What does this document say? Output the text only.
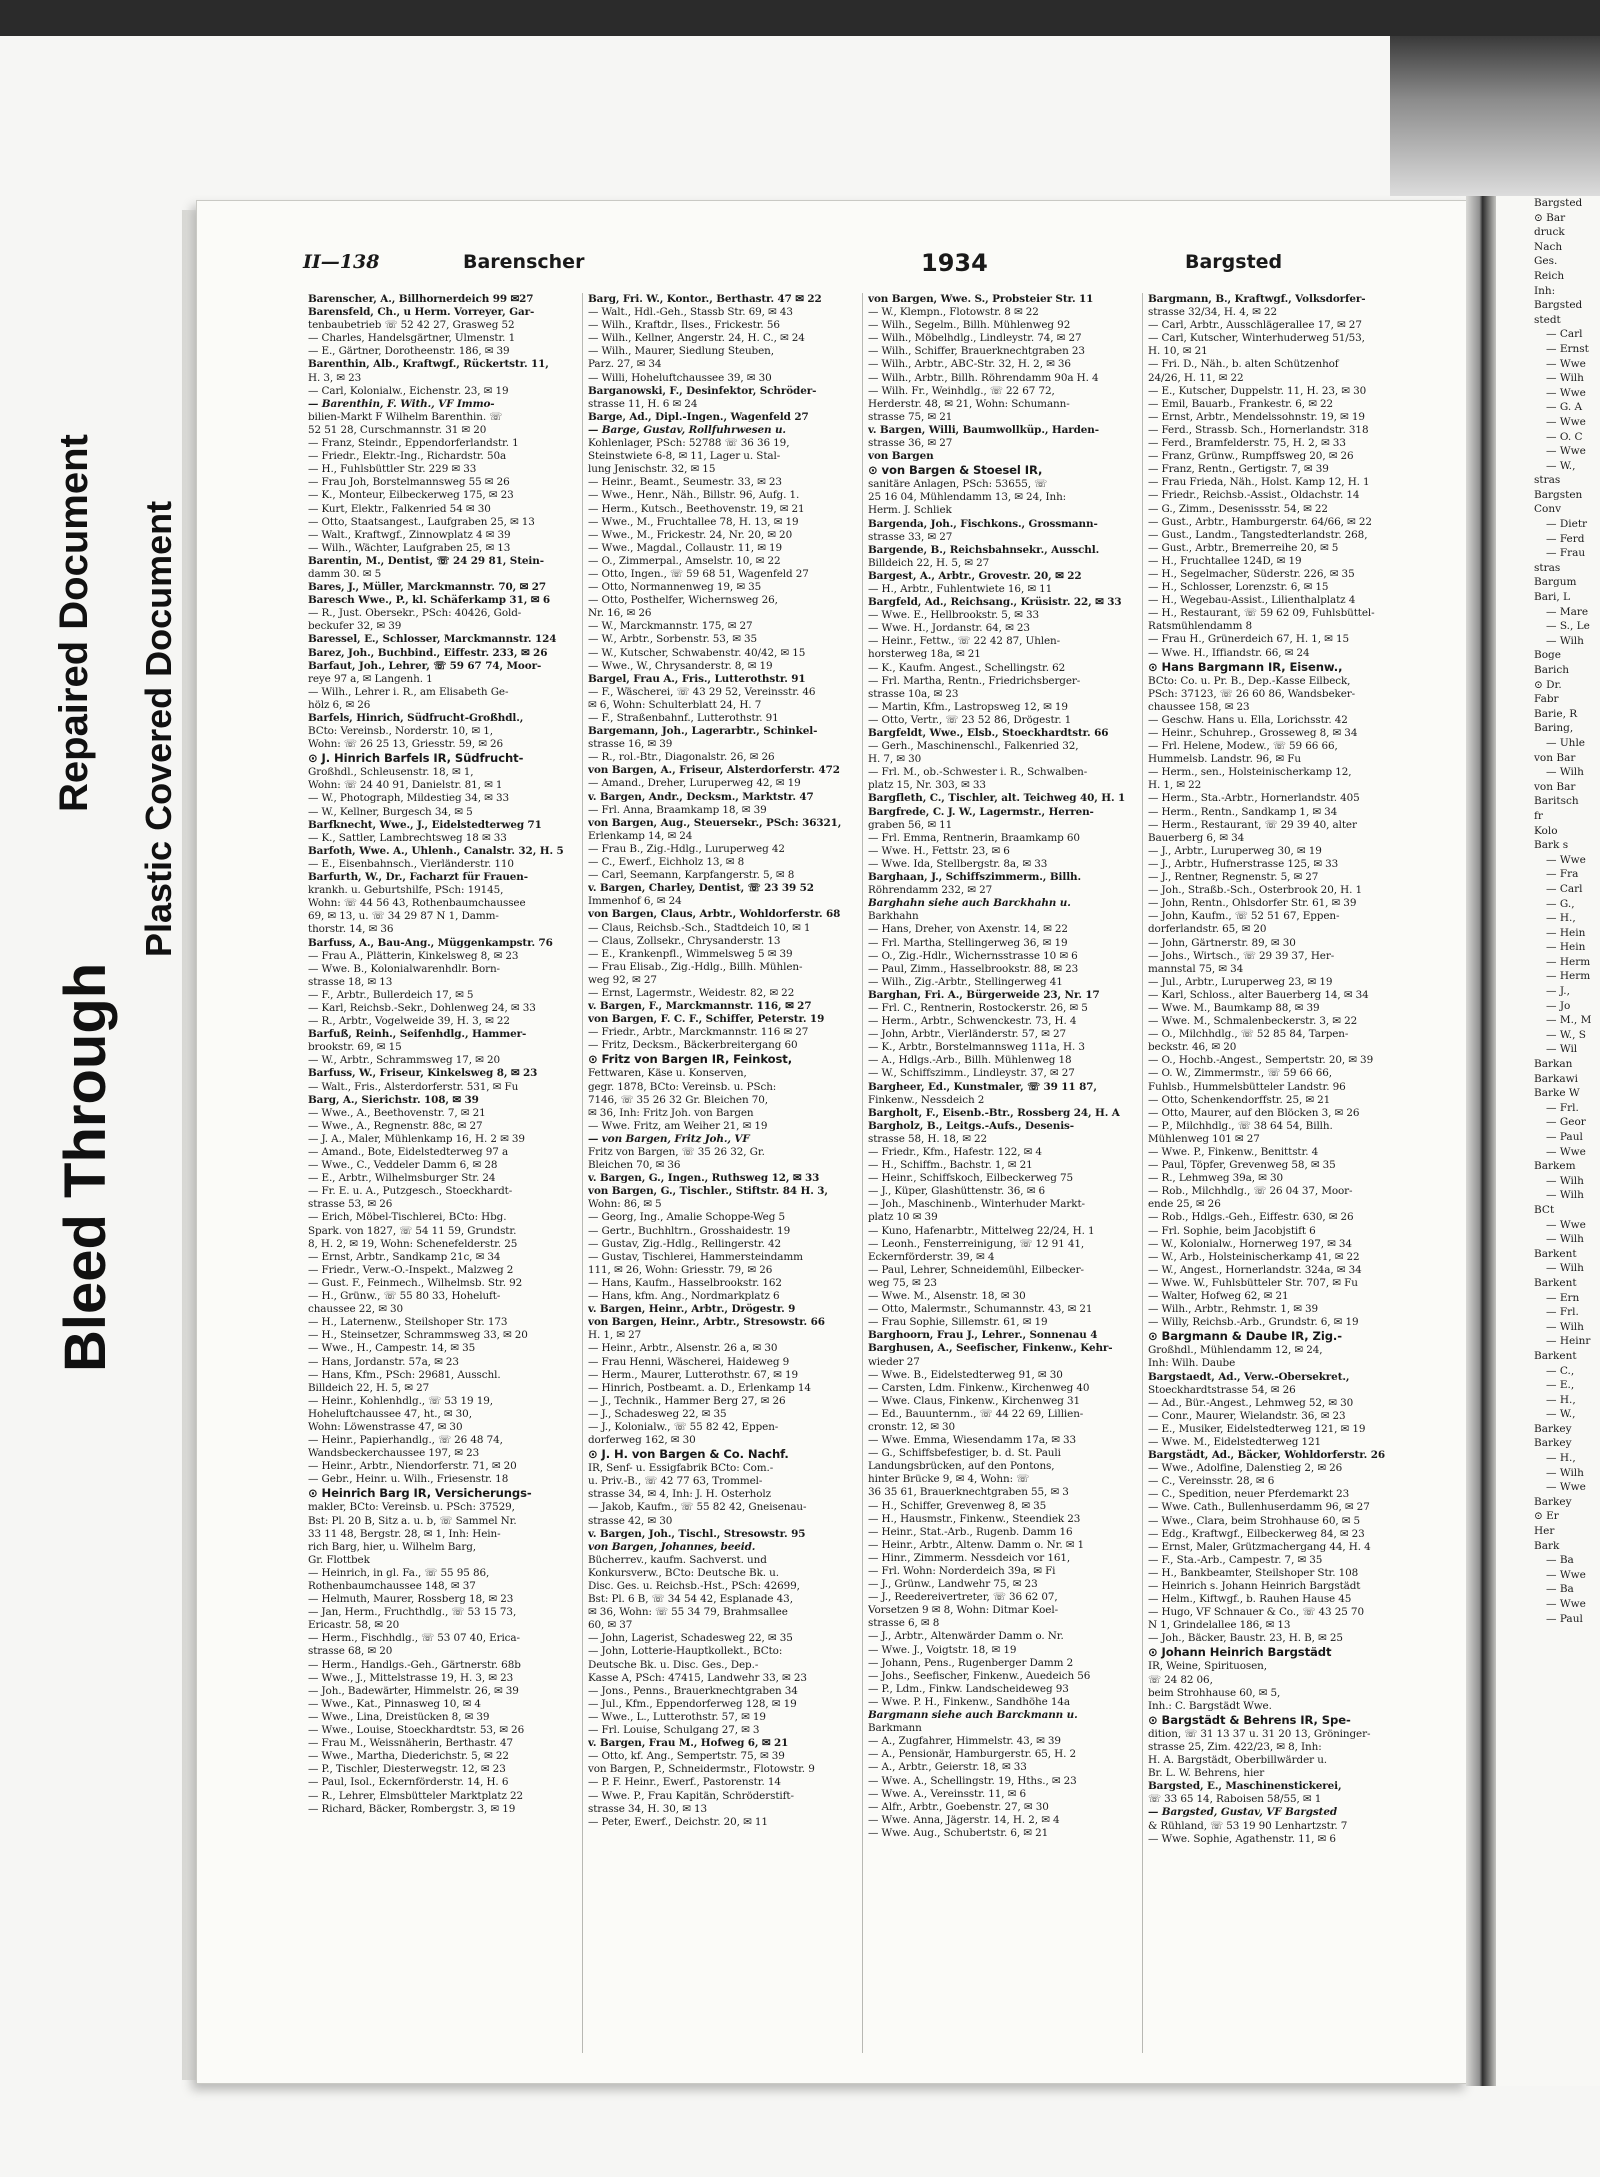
Bleed Through
Repaired Document Plastic Covered Document
II—138	Barenscher	1934	Bargsted
Barenscher, A., Billhornerdeich 99 ✉27
Barensfeld, Ch., u Herm. Vorreyer, Gar-
tenbaubetrieb ☏ 52 42 27, Grasweg 52
— Charles, Handelsgärtner, Ulmenstr. 1
— E., Gärtner, Dorotheenstr. 186, ✉ 39
Barenthin, Alb., Kraftwgf., Rückertstr. 11,
H. 3, ✉ 23
— Carl, Kolonialw., Eichenstr. 23, ✉ 19
— Barenthin, F. With., VF Immo-
bilien-Markt F Wilhelm Barenthin. ☏
52 51 28, Curschmannstr. 31 ✉ 20
— Franz, Steindr., Eppendorferlandstr. 1
— Friedr., Elektr.-Ing., Richardstr. 50a
— H., Fuhlsbüttler Str. 229 ✉ 33
— Frau Joh, Borstelmannsweg 55 ✉ 26
— K., Monteur, Eilbeckerweg 175, ✉ 23
— Kurt, Elektr., Falkenried 54 ✉ 30
— Otto, Staatsangest., Laufgraben 25, ✉ 13
— Walt., Kraftwgf., Zinnowplatz 4 ✉ 39
— Wilh., Wächter, Laufgraben 25, ✉ 13
Barentin, M., Dentist, ☏ 24 29 81, Stein-
damm 30. ✉ 5
Bares, J., Müller, Marckmannstr. 70, ✉ 27
Baresch Wwe., P., kl. Schäferkamp 31, ✉ 6
— R., Just. Obersekr., PSch: 40426, Gold-
beckufer 32, ✉ 39
Baressel, E., Schlosser, Marckmannstr. 124
Barez, Joh., Buchbind., Eiffestr. 233, ✉ 26
Barfaut, Joh., Lehrer, ☏ 59 67 74, Moor-
reye 97 a, ✉ Langenh. 1
— Wilh., Lehrer i. R., am Elisabeth Ge-
hölz 6, ✉ 26
Barfels, Hinrich, Südfrucht-Großhdl.,
BCto: Vereinsb., Norderstr. 10, ✉ 1,
Wohn: ☏ 26 25 13, Griesstr. 59, ✉ 26
⊙ J. Hinrich Barfels IR, Südfrucht-
Großhdl., Schleusenstr. 18, ✉ 1,
Wohn: ☏ 24 40 91, Danielstr. 81, ✉ 1
— W., Photograph, Mildestieg 34, ✉ 33
— W., Kellner, Burgesch 34, ✉ 5
Barfknecht, Wwe., J., Eidelstedterweg 71
— K., Sattler, Lambrechtsweg 18 ✉ 33
Barfoth, Wwe. A., Uhlenh., Canalstr. 32, H. 5
— E., Eisenbahnsch., Vierländerstr. 110
Barfurth, W., Dr., Facharzt für Frauen-
krankh. u. Geburtshilfe, PSch: 19145,
Wohn: ☏ 44 56 43, Rothenbaumchaussee
69, ✉ 13, u. ☏ 34 29 87 N 1, Damm-
thorstr. 14, ✉ 36
Barfuss, A., Bau-Ang., Müggenkampstr. 76
— Frau A., Plätterin, Kinkelsweg 8, ✉ 23
— Wwe. B., Kolonialwarenhdlr. Born-
strasse 18, ✉ 13
— F., Arbtr., Bullerdeich 17, ✉ 5
— Karl, Reichsb.-Sekr., Dohlenweg 24, ✉ 33
— R., Arbtr., Vogelweide 39, H. 3, ✉ 22
Barfuß, Reinh., Seifenhdlg., Hammer-
brookstr. 69, ✉ 15
— W., Arbtr., Schrammsweg 17, ✉ 20
Barfuss, W., Friseur, Kinkelsweg 8, ✉ 23
— Walt., Fris., Alsterdorferstr. 531, ✉ Fu
Barg, A., Sierichstr. 108, ✉ 39
— Wwe., A., Beethovenstr. 7, ✉ 21
— Wwe., A., Regnenstr. 88c, ✉ 27
— J. A., Maler, Mühlenkamp 16, H. 2 ✉ 39
— Amand., Bote, Eidelstedterweg 97 a
— Wwe., C., Veddeler Damm 6, ✉ 28
— E., Arbtr., Wilhelmsburger Str. 24
— Fr. E. u. A., Putzgesch., Stoeckhardt-
strasse 53, ✉ 26
— Erich, Möbel-Tischlerei, BCto: Hbg.
Spark. von 1827, ☏ 54 11 59, Grundstr.
8, H. 2, ✉ 19, Wohn: Schenefelderstr. 25
— Ernst, Arbtr., Sandkamp 21c, ✉ 34
— Friedr., Verw.-O.-Inspekt., Malzweg 2
— Gust. F., Feinmech., Wilhelmsb. Str. 92
— H., Grünw., ☏ 55 80 33, Hoheluft-
chaussee 22, ✉ 30
— H., Laternenw., Steilshoper Str. 173
— H., Steinsetzer, Schrammsweg 33, ✉ 20
— Wwe., H., Campestr. 14, ✉ 35
— Hans, Jordanstr. 57a, ✉ 23
— Hans, Kfm., PSch: 29681, Ausschl.
Billdeich 22, H. 5, ✉ 27
— Heinr., Kohlenhdlg., ☏ 53 19 19,
Hoheluftchaussee 47, ht., ✉ 30,
Wohn: Löwenstrasse 47, ✉ 30
— Heinr., Papierhandlg., ☏ 26 48 74,
Wandsbeckerchaussee 197, ✉ 23
— Heinr., Arbtr., Niendorferstr. 71, ✉ 20
— Gebr., Heinr. u. Wilh., Friesenstr. 18
⊙ Heinrich Barg IR, Versicherungs-
makler, BCto: Vereinsb. u. PSch: 37529,
Bst: Pl. 20 B, Sitz a. u. b, ☏ Sammel Nr.
33 11 48, Bergstr. 28, ✉ 1, Inh: Hein-
rich Barg, hier, u. Wilhelm Barg,
Gr. Flottbek
— Heinrich, in gl. Fa., ☏ 55 95 86,
Rothenbaumchaussee 148, ✉ 37
— Helmuth, Maurer, Rossberg 18, ✉ 23
— Jan, Herm., Fruchthdlg., ☏ 53 15 73,
Ericastr. 58, ✉ 20
— Herm., Fischhdlg., ☏ 53 07 40, Erica-
strasse 68, ✉ 20
— Herm., Handlgs.-Geh., Gärtnerstr. 68b
— Wwe., J., Mittelstrasse 19, H. 3, ✉ 23
— Joh., Badewärter, Himmelstr. 26, ✉ 39
— Wwe., Kat., Pinnasweg 10, ✉ 4
— Wwe., Lina, Dreistücken 8, ✉ 39
— Wwe., Louise, Stoeckhardtstr. 53, ✉ 26
— Frau M., Weissnäherin, Berthastr. 47
— Wwe., Martha, Diederichstr. 5, ✉ 22
— P., Tischler, Diesterwegstr. 12, ✉ 23
— Paul, Isol., Eckernförderstr. 14, H. 6
— R., Lehrer, Elmsbütteler Marktplatz 22
— Richard, Bäcker, Rombergstr. 3, ✉ 19
Barg, Fri. W., Kontor., Berthastr. 47 ✉ 22
— Walt., Hdl.-Geh., Stassb Str. 69, ✉ 43
— Wilh., Kraftdr., Ilses., Frickestr. 56
— Wilh., Kellner, Angerstr. 24, H. C., ✉ 24
— Wilh., Maurer, Siedlung Steuben,
Parz. 27, ✉ 34
— Willi, Hoheluftchaussee 39, ✉ 30
Barganowski, F., Desinfektor, Schröder-
strasse 11, H. 6 ✉ 24
Barge, Ad., Dipl.-Ingen., Wagenfeld 27
— Barge, Gustav, Rollfuhrwesen u.
Kohlenlager, PSch: 52788 ☏ 36 36 19,
Steinstwiete 6-8, ✉ 11, Lager u. Stal-
lung Jenischstr. 32, ✉ 15
— Heinr., Beamt., Seumestr. 33, ✉ 23
— Wwe., Henr., Näh., Billstr. 96, Aufg. 1.
— Herm., Kutsch., Beethovenstr. 19, ✉ 21
— Wwe., M., Fruchtallee 78, H. 13, ✉ 19
— Wwe., M., Frickestr. 24, Nr. 20, ✉ 20
— Wwe., Magdal., Collaustr. 11, ✉ 19
— O., Zimmerpal., Amselstr. 10, ✉ 22
— Otto, Ingen., ☏ 59 68 51, Wagenfeld 27
— Otto, Normannenweg 19, ✉ 35
— Otto, Posthelfer, Wichernsweg 26,
Nr. 16, ✉ 26
— W., Marckmannstr. 175, ✉ 27
— W., Arbtr., Sorbenstr. 53, ✉ 35
— W., Kutscher, Schwabenstr. 40/42, ✉ 15
— Wwe., W., Chrysanderstr. 8, ✉ 19
Bargel, Frau A., Fris., Lutterothstr. 91
— F., Wäscherei, ☏ 43 29 52, Vereinsstr. 46
✉ 6, Wohn: Schulterblatt 24, H. 7
— F., Straßenbahnf., Lutterothstr. 91
Bargemann, Joh., Lagerarbtr., Schinkel-
strasse 16, ✉ 39
— R., rol.-Btr., Diagonalstr. 26, ✉ 26
von Bargen, A., Friseur, Alsterdorferstr. 472
— Amand., Dreher, Luruperweg 42, ✉ 19
v. Bargen, Andr., Decksm., Marktstr. 47
— Frl. Anna, Braamkamp 18, ✉ 39
von Bargen, Aug., Steuersekr., PSch: 36321,
Erlenkamp 14, ✉ 24
— Frau B., Zig.-Hdlg., Luruperweg 42
— C., Ewerf., Eichholz 13, ✉ 8
— Carl, Seemann, Karpfangerstr. 5, ✉ 8
v. Bargen, Charley, Dentist, ☏ 23 39 52
Immenhof 6, ✉ 24
von Bargen, Claus, Arbtr., Wohldorferstr. 68
— Claus, Reichsb.-Sch., Stadtdeich 10, ✉ 1
— Claus, Zollsekr., Chrysanderstr. 13
— E., Krankenpfl., Wimmelsweg 5 ✉ 39
— Frau Elisab., Zig.-Hdlg., Billh. Mühlen-
weg 92, ✉ 27
— Ernst, Lagermstr., Weidestr. 82, ✉ 22
v. Bargen, F., Marckmannstr. 116, ✉ 27
von Bargen, F. C. F., Schiffer, Peterstr. 19
— Friedr., Arbtr., Marckmannstr. 116 ✉ 27
— Fritz, Decksm., Bäckerbreitergang 60
⊙ Fritz von Bargen IR, Feinkost,
Fettwaren, Käse u. Konserven,
gegr. 1878, BCto: Vereinsb. u. PSch:
7146, ☏ 35 26 32 Gr. Bleichen 70,
✉ 36, Inh: Fritz Joh. von Bargen
— Wwe. Fritz, am Weiher 21, ✉ 19
— von Bargen, Fritz Joh., VF
Fritz von Bargen, ☏ 35 26 32, Gr.
Bleichen 70, ✉ 36
v. Bargen, G., Ingen., Ruthsweg 12, ✉ 33
von Bargen, G., Tischler., Stiftstr. 84 H. 3,
Wohn: 86, ✉ 5
— Georg, Ing., Amalie Schoppe-Weg 5
— Gertr., Buchhltrn., Grosshaidestr. 19
— Gustav, Zig.-Hdlg., Rellingerstr. 42
— Gustav, Tischlerei, Hammersteindamm
111, ✉ 26, Wohn: Griesstr. 79, ✉ 26
— Hans, Kaufm., Hasselbrookstr. 162
— Hans, kfm. Ang., Nordmarkplatz 6
v. Bargen, Heinr., Arbtr., Drögestr. 9
von Bargen, Heinr., Arbtr., Stresowstr. 66
H. 1, ✉ 27
— Heinr., Arbtr., Alsenstr. 26 a, ✉ 30
— Frau Henni, Wäscherei, Haideweg 9
— Herm., Maurer, Lutterothstr. 67, ✉ 19
— Hinrich, Postbeamt. a. D., Erlenkamp 14
— J., Technik., Hammer Berg 27, ✉ 26
— J., Schadesweg 22, ✉ 35
— J., Kolonialw., ☏ 55 82 42, Eppen-
dorferweg 162, ✉ 30
⊙ J. H. von Bargen & Co. Nachf.
IR, Senf- u. Essigfabrik BCto: Com.-
u. Priv.-B., ☏ 42 77 63, Trommel-
strasse 34, ✉ 4, Inh: J. H. Osterholz
— Jakob, Kaufm., ☏ 55 82 42, Gneisenau-
strasse 42, ✉ 30
v. Bargen, Joh., Tischl., Stresowstr. 95
von Bargen, Johannes, beeid.
Bücherrev., kaufm. Sachverst. und
Konkursverw., BCto: Deutsche Bk. u.
Disc. Ges. u. Reichsb.-Hst., PSch: 42699,
Bst: Pl. 6 B, ☏ 34 54 42, Esplanade 43,
✉ 36, Wohn: ☏ 55 34 79, Brahmsallee
60, ✉ 37
— John, Lagerist, Schadesweg 22, ✉ 35
— John, Lotterie-Hauptkollekt., BCto:
Deutsche Bk. u. Disc. Ges., Dep.-
Kasse A, PSch: 47415, Landwehr 33, ✉ 23
— Jons., Penns., Brauerknechtgraben 34
— Jul., Kfm., Eppendorferweg 128, ✉ 19
— Wwe., L., Lutterothstr. 57, ✉ 19
— Frl. Louise, Schulgang 27, ✉ 3
v. Bargen, Frau M., Hofweg 6, ✉ 21
— Otto, kf. Ang., Sempertstr. 75, ✉ 39
von Bargen, P., Schneidermstr., Flotowstr. 9
— P. F. Heinr., Ewerf., Pastorenstr. 14
— Wwe. P., Frau Kapitän, Schröderstift-
strasse 34, H. 30, ✉ 13
— Peter, Ewerf., Deichstr. 20, ✉ 11
von Bargen, Wwe. S., Probsteier Str. 11
— W., Klempn., Flotowstr. 8 ✉ 22
— Wilh., Segelm., Billh. Mühlenweg 92
— Wilh., Möbelhdlg., Lindleystr. 74, ✉ 27
— Wilh., Schiffer, Brauerknechtgraben 23
— Wilh., Arbtr., ABC-Str. 32, H. 2, ✉ 36
— Wilh., Arbtr., Billh. Röhrendamm 90a H. 4
— Wilh. Fr., Weinhdlg., ☏ 22 67 72,
Herderstr. 48, ✉ 21, Wohn: Schumann-
strasse 75, ✉ 21
v. Bargen, Willi, Baumwollküp., Harden-
strasse 36, ✉ 27
von Bargen
⊙ von Bargen & Stoesel IR,
sanitäre Anlagen, PSch: 53655, ☏
25 16 04, Mühlendamm 13, ✉ 24, Inh:
Herm. J. Schliek
Bargenda, Joh., Fischkons., Grossmann-
strasse 33, ✉ 27
Bargende, B., Reichsbahnsekr., Ausschl.
Billdeich 22, H. 5, ✉ 27
Bargest, A., Arbtr., Grovestr. 20, ✉ 22
— H., Arbtr., Fuhlentwiete 16, ✉ 11
Bargfeld, Ad., Reichsang., Krüsistr. 22, ✉ 33
— Wwe. E., Hellbrookstr. 5, ✉ 33
— Wwe. H., Jordanstr. 64, ✉ 23
— Heinr., Fettw., ☏ 22 42 87, Uhlen-
horsterweg 18a, ✉ 21
— K., Kaufm. Angest., Schellingstr. 62
— Frl. Martha, Rentn., Friedrichsberger-
strasse 10a, ✉ 23
— Martin, Kfm., Lastropsweg 12, ✉ 19
— Otto, Vertr., ☏ 23 52 86, Drögestr. 1
Bargfeldt, Wwe., Elsb., Stoeckhardtstr. 66
— Gerh., Maschinenschl., Falkenried 32,
H. 7, ✉ 30
— Frl. M., ob.-Schwester i. R., Schwalben-
platz 15, Nr. 303, ✉ 33
Bargfleth, C., Tischler, alt. Teichweg 40, H. 1
Bargfrede, C. J. W., Lagermstr., Herren-
graben 56, ✉ 11
— Frl. Emma, Rentnerin, Braamkamp 60
— Wwe. H., Fettstr. 23, ✉ 6
— Wwe. Ida, Stellbergstr. 8a, ✉ 33
Barghaan, J., Schiffszimmerm., Billh.
Röhrendamm 232, ✉ 27
Barghahn siehe auch Barckhahn u.
Barkhahn
— Hans, Dreher, von Axenstr. 14, ✉ 22
— Frl. Martha, Stellingerweg 36, ✉ 19
— O., Zig.-Hdlr., Wichernsstrasse 10 ✉ 6
— Paul, Zimm., Hasselbrookstr. 88, ✉ 23
— Wilh., Zig.-Arbtr., Stellingerweg 41
Barghan, Fri. A., Bürgerweide 23, Nr. 17
— Frl. C., Rentnerin, Rostockerstr. 26, ✉ 5
— Herm., Arbtr., Schwenckestr. 73, H. 4
— John, Arbtr., Vierländerstr. 57, ✉ 27
— K., Arbtr., Borstelmannsweg 111a, H. 3
— A., Hdlgs.-Arb., Billh. Mühlenweg 18
— W., Schiffszimm., Lindleystr. 37, ✉ 27
Bargheer, Ed., Kunstmaler, ☏ 39 11 87,
Finkenw., Nessdeich 2
Bargholt, F., Eisenb.-Btr., Rossberg 24, H. A
Bargholz, B., Leitgs.-Aufs., Desenis-
strasse 58, H. 18, ✉ 22
— Friedr., Kfm., Hafestr. 122, ✉ 4
— H., Schiffm., Bachstr. 1, ✉ 21
— Heinr., Schiffskoch, Eilbeckerweg 75
— J., Küper, Glashüttenstr. 36, ✉ 6
— Joh., Maschinenb., Winterhuder Markt-
platz 10 ✉ 39
— Kuno, Hafenarbtr., Mittelweg 22/24, H. 1
— Leonh., Fensterreinigung, ☏ 12 91 41,
Eckernförderstr. 39, ✉ 4
— Paul, Lehrer, Schneidemühl, Eilbecker-
weg 75, ✉ 23
— Wwe. M., Alsenstr. 18, ✉ 30
— Otto, Malermstr., Schumannstr. 43, ✉ 21
— Frau Sophie, Sillemstr. 61, ✉ 19
Barghoorn, Frau J., Lehrer., Sonnenau 4
Barghusen, A., Seefischer, Finkenw., Kehr-
wieder 27
— Wwe. B., Eidelstedterweg 91, ✉ 30
— Carsten, Ldm. Finkenw., Kirchenweg 40
— Wwe. Claus, Finkenw., Kirchenweg 31
— Ed., Bauunternm., ☏ 44 22 69, Lillien-
cronstr. 12, ✉ 30
— Wwe. Emma, Wiesendamm 17a, ✉ 33
— G., Schiffsbefestiger, b. d. St. Pauli
Landungsbrücken, auf den Pontons,
hinter Brücke 9, ✉ 4, Wohn: ☏
36 35 61, Brauerknechtgraben 55, ✉ 3
— H., Schiffer, Grevenweg 8, ✉ 35
— H., Hausmstr., Finkenw., Steendiek 23
— Heinr., Stat.-Arb., Rugenb. Damm 16
— Heinr., Arbtr., Altenw. Damm o. Nr. ✉ 1
— Hinr., Zimmerm. Nessdeich vor 161,
— Frl. Wohn: Norderdeich 39a, ✉ Fi
— J., Grünw., Landwehr 75, ✉ 23
— J., Reedereivertreter, ☏ 36 62 07,
Vorsetzen 9 ✉ 8, Wohn: Ditmar Koel-
strasse 6, ✉ 8
— J., Arbtr., Altenwärder Damm o. Nr.
— Wwe. J., Voigtstr. 18, ✉ 19
— Johann, Pens., Rugenberger Damm 2
— Johs., Seefischer, Finkenw., Auedeich 56
— P., Ldm., Finkw. Landscheideweg 93
— Wwe. P. H., Finkenw., Sandhöhe 14a
Bargmann siehe auch Barckmann u.
Barkmann
— A., Zugfahrer, Himmelstr. 43, ✉ 39
— A., Pensionär, Hamburgerstr. 65, H. 2
— A., Arbtr., Geierstr. 18, ✉ 33
— Wwe. A., Schellingstr. 19, Hths., ✉ 23
— Wwe. A., Vereinsstr. 11, ✉ 6
— Alfr., Arbtr., Goebenstr. 27, ✉ 30
— Wwe. Anna, Jägerstr. 14, H. 2, ✉ 4
— Wwe. Aug., Schubertstr. 6, ✉ 21
Bargmann, B., Kraftwgf., Volksdorfer-
strasse 32/34, H. 4, ✉ 22
— Carl, Arbtr., Ausschlägerallee 17, ✉ 27
— Carl, Kutscher, Winterhuderweg 51/53,
H. 10, ✉ 21
— Fri. D., Näh., b. alten Schützenhof
24/26, H. 11, ✉ 22
— E., Kutscher, Duppelstr. 11, H. 23, ✉ 30
— Emil, Bauarb., Frankestr. 6, ✉ 22
— Ernst, Arbtr., Mendelssohnstr. 19, ✉ 19
— Ferd., Strassb. Sch., Hornerlandstr. 318
— Ferd., Bramfelderstr. 75, H. 2, ✉ 33
— Franz, Grünw., Rumpffsweg 20, ✉ 26
— Franz, Rentn., Gertigstr. 7, ✉ 39
— Frau Frieda, Näh., Holst. Kamp 12, H. 1
— Friedr., Reichsb.-Assist., Oldachstr. 14
— G., Zimm., Desenissstr. 54, ✉ 22
— Gust., Arbtr., Hamburgerstr. 64/66, ✉ 22
— Gust., Landm., Tangstedterlandstr. 268,
— Gust., Arbtr., Bremerreihe 20, ✉ 5
— H., Fruchtallee 124D, ✉ 19
— H., Segelmacher, Süderstr. 226, ✉ 35
— H., Schlosser, Lorenzstr. 6, ✉ 15
— H., Wegebau-Assist., Lilienthalplatz 4
— H., Restaurant, ☏ 59 62 09, Fuhlsbüttel-
Ratsmühlendamm 8
— Frau H., Grünerdeich 67, H. 1, ✉ 15
— Wwe. H., Iffiandstr. 66, ✉ 24
⊙ Hans Bargmann IR, Eisenw.,
BCto: Co. u. Pr. B., Dep.-Kasse Eilbeck,
PSch: 37123, ☏ 26 60 86, Wandsbeker-
chaussee 158, ✉ 23
— Geschw. Hans u. Ella, Lorichsstr. 42
— Heinr., Schuhrep., Grosseweg 8, ✉ 34
— Frl. Helene, Modew., ☏ 59 66 66,
Hummelsb. Landstr. 96, ✉ Fu
— Herm., sen., Holsteinischerkamp 12,
H. 1, ✉ 22
— Herm., Sta.-Arbtr., Hornerlandstr. 405
— Herm., Rentn., Sandkamp 1, ✉ 34
— Herm., Restaurant, ☏ 29 39 40, alter
Bauerberg 6, ✉ 34
— J., Arbtr., Luruperweg 30, ✉ 19
— J., Arbtr., Hufnerstrasse 125, ✉ 33
— J., Rentner, Regnenstr. 5, ✉ 27
— Joh., Straßb.-Sch., Osterbrook 20, H. 1
— John, Rentn., Ohlsdorfer Str. 61, ✉ 39
— John, Kaufm., ☏ 52 51 67, Eppen-
dorferlandstr. 65, ✉ 20
— John, Gärtnerstr. 89, ✉ 30
— Johs., Wirtsch., ☏ 29 39 37, Her-
mannstal 75, ✉ 34
— Jul., Arbtr., Luruperweg 23, ✉ 19
— Karl, Schloss., alter Bauerberg 14, ✉ 34
— Wwe. M., Baumkamp 88, ✉ 39
— Wwe. M., Schmalenbeckerstr. 3, ✉ 22
— O., Milchhdlg., ☏ 52 85 84, Tarpen-
beckstr. 46, ✉ 20
— O., Hochb.-Angest., Sempertstr. 20, ✉ 39
— O. W., Zimmermstr., ☏ 59 66 66,
Fuhlsb., Hummelsbütteler Landstr. 96
— Otto, Schenkendorffstr. 25, ✉ 21
— Otto, Maurer, auf den Blöcken 3, ✉ 26
— P., Milchhdlg., ☏ 38 64 54, Billh.
Mühlenweg 101 ✉ 27
— Wwe. P., Finkenw., Benittstr. 4
— Paul, Töpfer, Grevenweg 58, ✉ 35
— R., Lehmweg 39a, ✉ 30
— Rob., Milchhdlg., ☏ 26 04 37, Moor-
ende 25, ✉ 26
— Rob., Hdlgs.-Geh., Eiffestr. 630, ✉ 26
— Frl. Sophie, beim Jacobjstift 6
— W., Kolonialw., Hornerweg 197, ✉ 34
— W., Arb., Holsteinischerkamp 41, ✉ 22
— W., Angest., Hornerlandstr. 324a, ✉ 34
— Wwe. W., Fuhlsbütteler Str. 707, ✉ Fu
— Walter, Hofweg 62, ✉ 21
— Wilh., Arbtr., Rehmstr. 1, ✉ 39
— Willy, Reichsb.-Arb., Grundstr. 6, ✉ 19
⊙ Bargmann & Daube IR, Zig.-
Großhdl., Mühlendamm 12, ✉ 24,
Inh: Wilh. Daube
Bargstaedt, Ad., Verw.-Obersekret.,
Stoeckhardtstrasse 54, ✉ 26
— Ad., Bür.-Angest., Lehmweg 52, ✉ 30
— Conr., Maurer, Wielandstr. 36, ✉ 23
— E., Musiker, Eidelstedterweg 121, ✉ 19
— Wwe. M., Eidelstedterweg 121
Bargstädt, Ad., Bäcker, Wohldorferstr. 26
— Wwe., Adolfine, Dalenstieg 2, ✉ 26
— C., Vereinsstr. 28, ✉ 6
— C., Spedition, neuer Pferdemarkt 23
— Wwe. Cath., Bullenhuserdamm 96, ✉ 27
— Wwe., Clara, beim Strohhause 60, ✉ 5
— Edg., Kraftwgf., Eilbeckerweg 84, ✉ 23
— Ernst, Maler, Grützmachergang 44, H. 4
— F., Sta.-Arb., Campestr. 7, ✉ 35
— H., Bankbeamter, Steilshoper Str. 108
— Heinrich s. Johann Heinrich Bargstädt
— Helm., Kiftwgf., b. Rauhen Hause 45
— Hugo, VF Schnauer & Co., ☏ 43 25 70
N 1, Grindelallee 186, ✉ 13
— Joh., Bäcker, Baustr. 23, H. B, ✉ 25
⊙ Johann Heinrich Bargstädt
IR, Weine, Spirituosen,
☏ 24 82 06,
beim Strohhause 60, ✉ 5,
Inh.: C. Bargstädt Wwe.
⊙ Bargstädt & Behrens IR, Spe-
dition, ☏ 31 13 37 u. 31 20 13, Gröninger-
strasse 25, Zim. 422/23, ✉ 8, Inh:
H. A. Bargstädt, Oberbillwärder u.
Br. L. W. Behrens, hier
Bargsted, E., Maschinenstickerei,
☏ 33 65 14, Raboisen 58/55, ✉ 1
— Bargsted, Gustav, VF Bargsted
& Rühland, ☏ 53 19 90 Lenhartzstr. 7
— Wwe. Sophie, Agathenstr. 11, ✉ 6
Bargsted
⊙ Bar
druck
Nach
Ges.
Reich
Inh:
Bargsted
stedt
— Carl
— Ernst
— Wwe
— Wilh
— Wwe
— G. A
— Wwe
— O. C
— Wwe
— W.,
stras
Bargsten
Conv
— Dietr
— Ferd
— Frau
stras
Bargum
Bari, L
— Mare
— S., Le
— Wilh
Boge
Barich
⊙ Dr.
Fabr
Barie, R
Baring,
— Uhle
von Bar
— Wilh
von Bar
Baritsch
fr
Kolo
Bark s
— Wwe
— Fra
— Carl
— G.,
— H.,
— Hein
— Hein
— Herm
— Herm
— J.,
— Jo
— M., M
— W., S
— Wil
Barkan
Barkawi
Barke W
— Frl.
— Geor
— Paul
— Wwe
Barkem
— Wilh
— Wilh
BCt
— Wwe
— Wilh
Barkent
— Wilh
Barkent
— Ern
— Frl.
— Wilh
— Heinr
Barkent
— C.,
— E.,
— H.,
— W.,
Barkey
Barkey
— H.,
— Wilh
— Wwe
Barkey
⊙ Er
Her
Bark
— Ba
— Wwe
— Ba
— Wwe
— Paul
